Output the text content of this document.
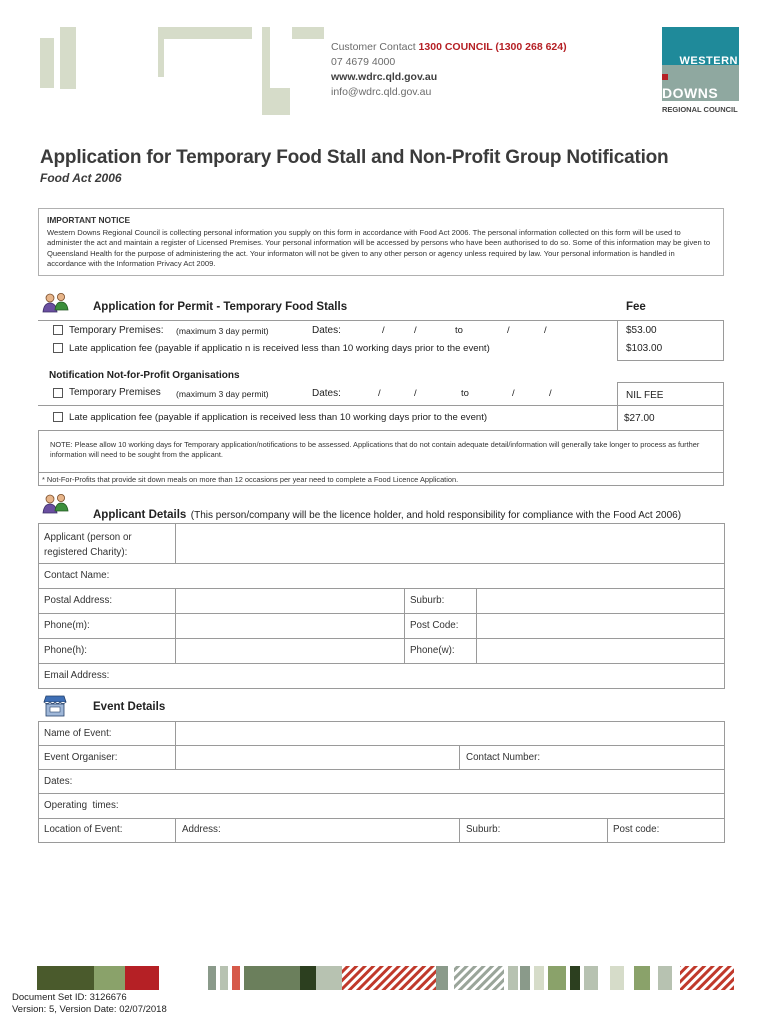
Customer Contact 1300 COUNCIL (1300 268 624)
07 4679 4000
www.wdrc.qld.gov.au
info@wdrc.qld.gov.au
WESTERN
DOWNS
REGIONAL COUNCIL
Application for Temporary Food Stall and Non-Profit Group Notification
Food Act 2006
IMPORTANT NOTICE
Western Downs Regional Council is collecting personal information you supply on this form in accordance with Food Act 2006. The personal information collected on this form will be used to administer the act and maintain a register of Licensed Premises. Your personal information will be accessed by persons who have been authorised to do so. Some of this information may be given to Queensland Health for the purpose of administering the act. Your informaton will not be given to any other person or agency unless required by law. Your personal information is handled in accordance with the Information Privacy Act 2009.
Application for Permit - Temporary Food Stalls	Fee
Temporary Premises: (maximum 3 day permit)	Dates:	/	/	to	/	/	$53.00
Late application fee (payable if applicatio n is received less than 10 working days prior to the event)	$103.00
Notification Not-for-Profit Organisations
Temporary Premises (maximum 3 day permit)	Dates:	/	/	to	/	/	NIL FEE
Late application fee (payable if application is received less than 10 working days prior to the event)	$27.00
NOTE: Please allow 10 working days for Temporary application/notifications to be assessed. Applications that do not contain adequate detail/information will generally take longer to process as further information will need to be sought from the applicant.
* Not-For-Profits that provide sit down meals on more than 12 occasions per year need to complete a Food Licence Application.
Applicant Details (This person/company will be the licence holder, and hold responsibility for compliance with the Food Act 2006)
Applicant (person or
registered Charity):
Contact Name:
Postal Address:	Suburb:
Phone(m):	Post Code:
Phone(h):	Phone(w):
Email Address:
Event Details
Name of Event:
Event Organiser:	Contact Number:
Dates:
Operating  times:
Location of Event:	Address:	Suburb:	Post code:
Document Set ID: 3126676
Version: 5, Version Date: 02/07/2018
